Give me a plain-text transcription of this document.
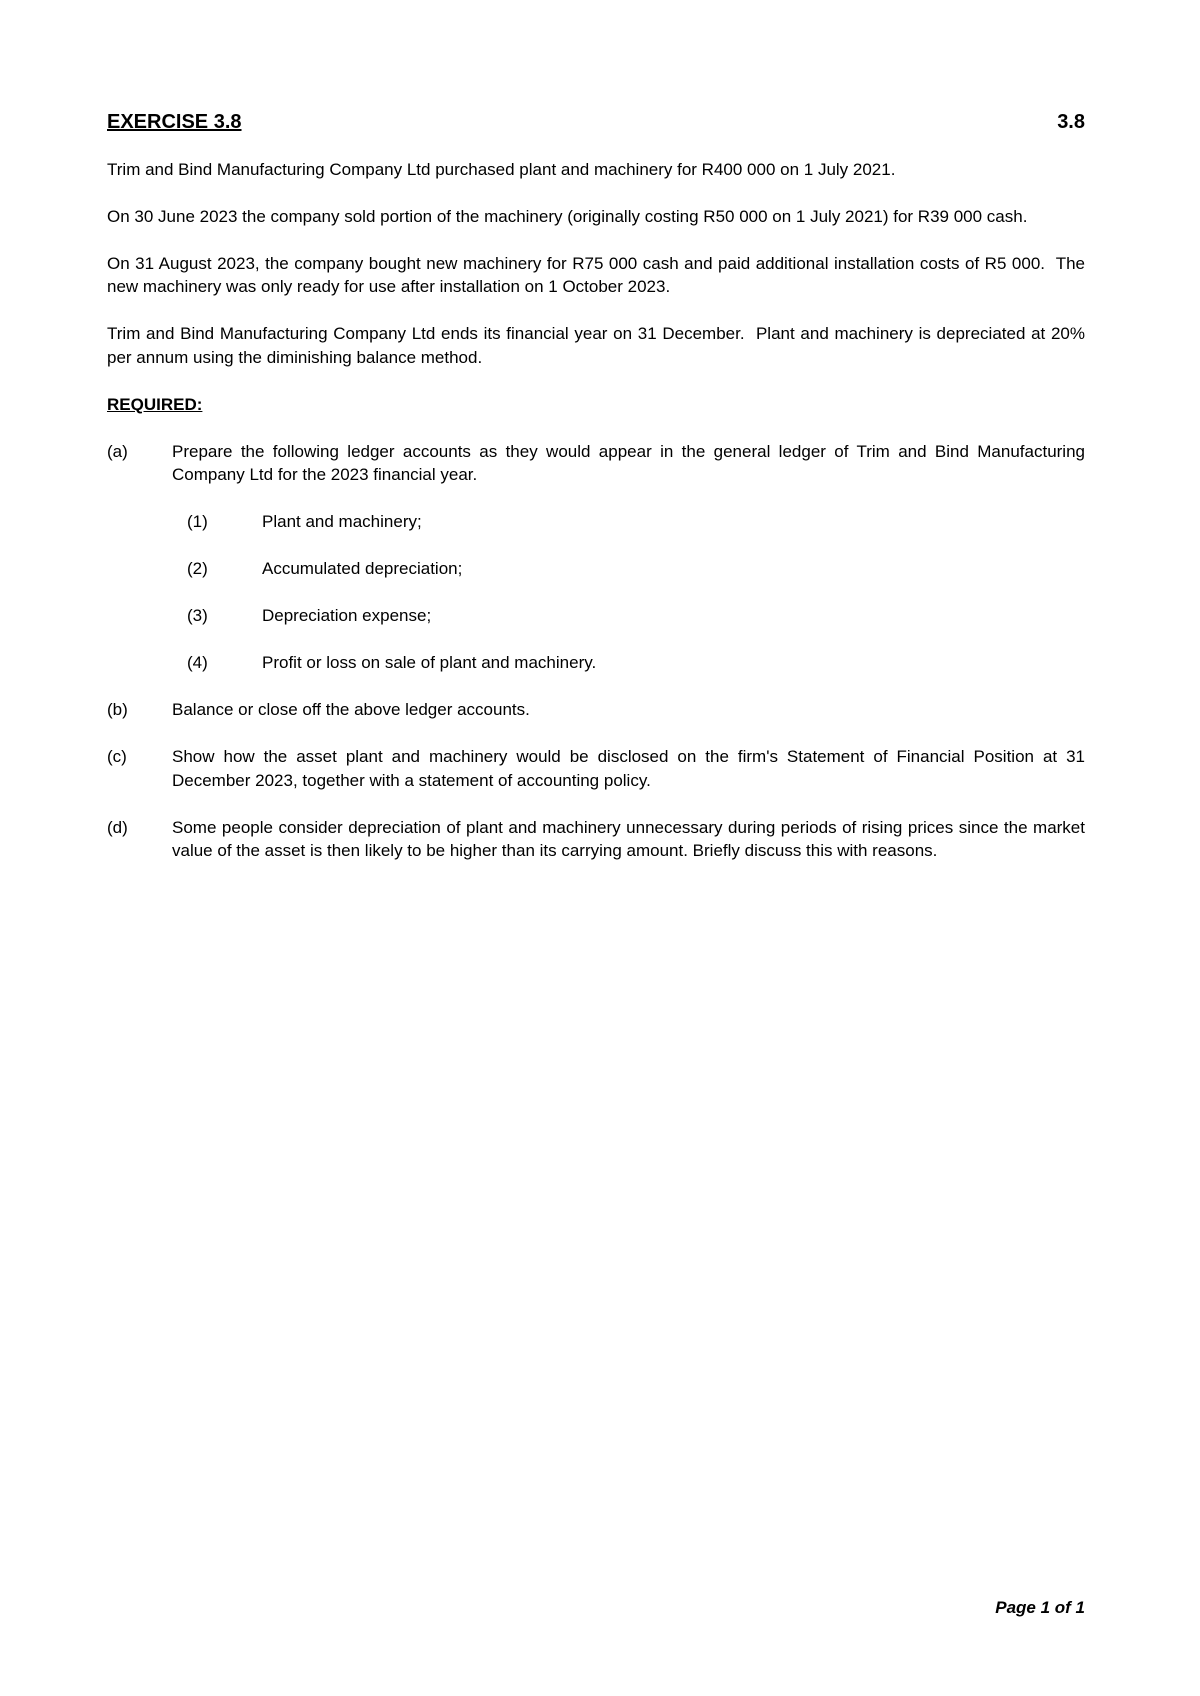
EXERCISE 3.8	3.8

Trim and Bind Manufacturing Company Ltd purchased plant and machinery for R400 000 on 1 July 2021.

On 30 June 2023 the company sold portion of the machinery (originally costing R50 000 on 1 July 2021) for R39 000 cash.

On 31 August 2023, the company bought new machinery for R75 000 cash and paid additional installation costs of R5 000.  The new machinery was only ready for use after installation on 1 October 2023.

Trim and Bind Manufacturing Company Ltd ends its financial year on 31 December.  Plant and machinery is depreciated at 20% per annum using the diminishing balance method.

REQUIRED:
(a)	Prepare the following ledger accounts as they would appear in the general ledger of Trim and Bind Manufacturing Company Ltd for the 2023 financial year.
(1)	Plant and machinery;
(2)	Accumulated depreciation;
(3)	Depreciation expense;
(4)	Profit or loss on sale of plant and machinery.
(b)	Balance or close off the above ledger accounts.
(c)	Show how the asset plant and machinery would be disclosed on the firm's Statement of Financial Position at 31 December 2023, together with a statement of accounting policy.
(d)	Some people consider depreciation of plant and machinery unnecessary during periods of rising prices since the market value of the asset is then likely to be higher than its carrying amount. Briefly discuss this with reasons.
Page 1 of 1
